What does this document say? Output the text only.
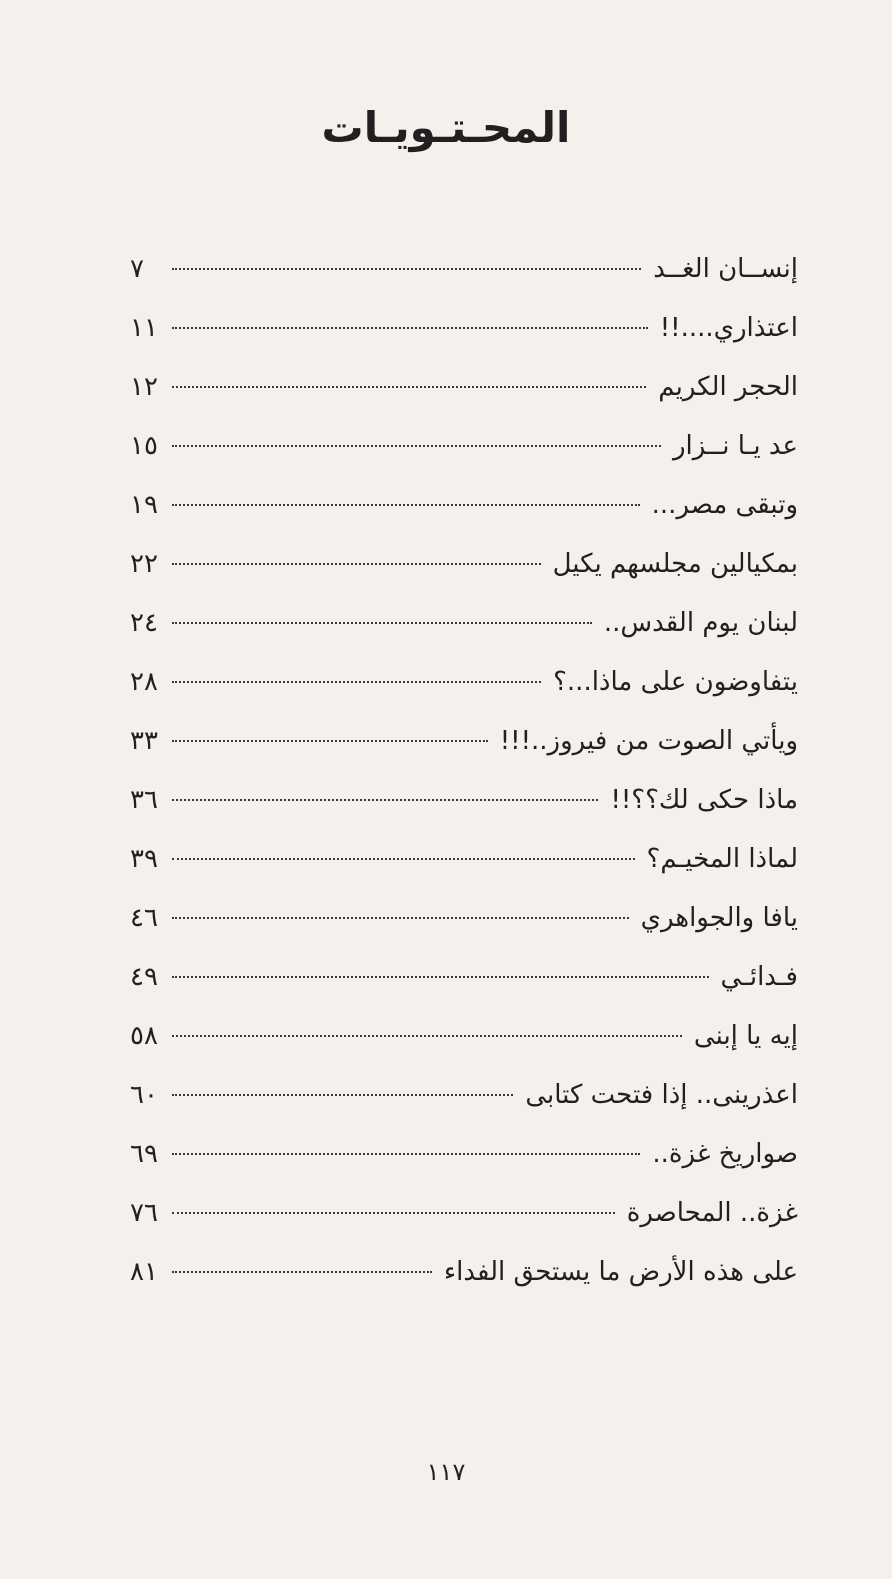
المحـتـويـات
إنســان الغــد
٧
اعتذاري....!!
١١
الحجر الكريم
١٢
عد يـا نــزار
١٥
وتبقى مصر...
١٩
بمكيالين مجلسهم يكيل
٢٢
لبنان يوم القدس..
٢٤
يتفاوضون على ماذا...؟
٢٨
ويأتي الصوت من فيروز..!!!
٣٣
ماذا حكى لك؟؟!!
٣٦
لماذا المخيـم؟
٣٩
يافا والجواهري
٤٦
فـدائـي
٤٩
إيه يا إبنى
٥٨
اعذرينى.. إذا فتحت كتابى
٦٠
صواريخ غزة..
٦٩
غزة.. المحاصرة
٧٦
على هذه الأرض ما يستحق الفداء
٨١
١١٧
